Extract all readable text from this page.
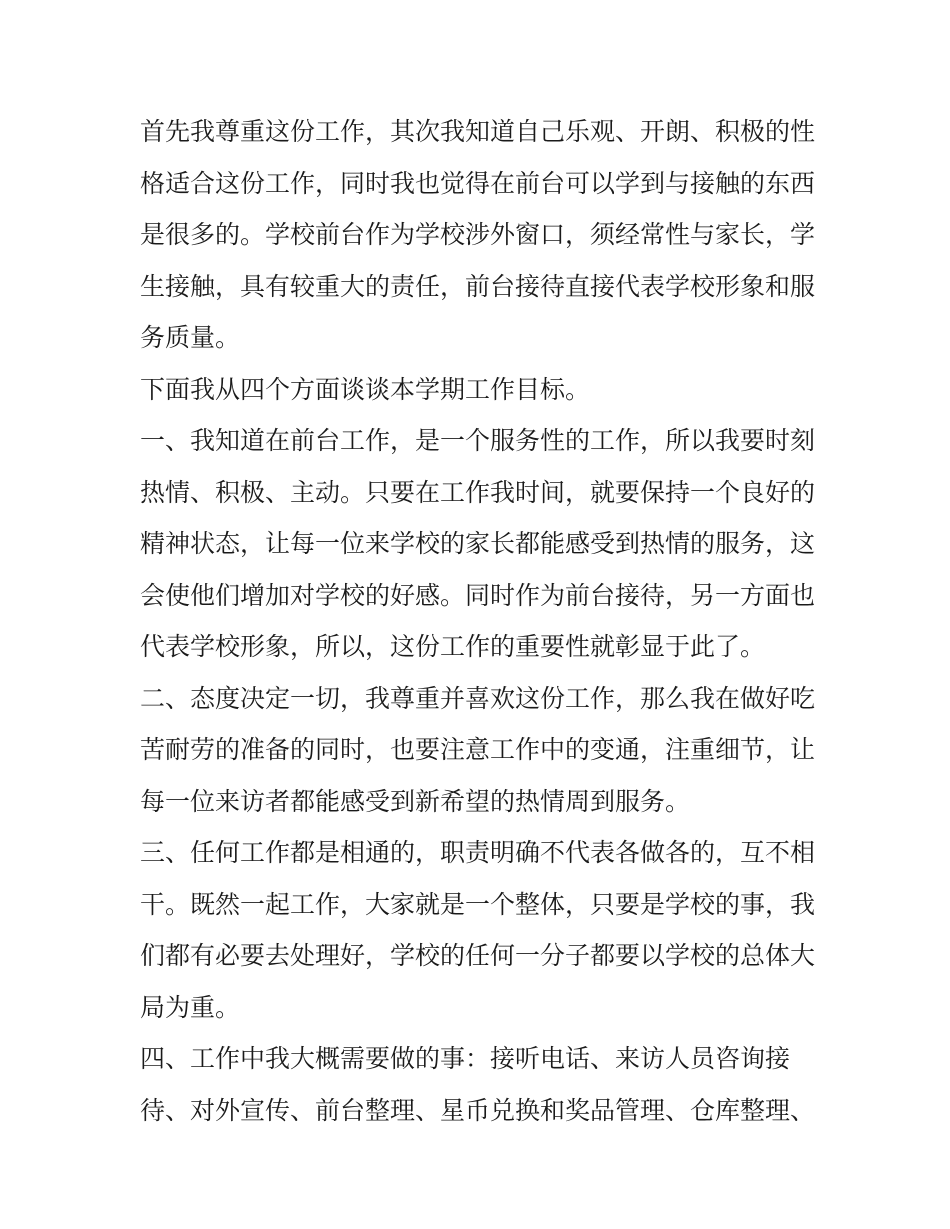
首先我尊重这份工作，其次我知道自己乐观、开朗、积极的性
格适合这份工作，同时我也觉得在前台可以学到与接触的东西
是很多的。学校前台作为学校涉外窗口，须经常性与家长，学
生接触，具有较重大的责任，前台接待直接代表学校形象和服
务质量。
下面我从四个方面谈谈本学期工作目标。
一、我知道在前台工作，是一个服务性的工作，所以我要时刻
热情、积极、主动。只要在工作我时间，就要保持一个良好的
精神状态，让每一位来学校的家长都能感受到热情的服务，这
会使他们增加对学校的好感。同时作为前台接待，另一方面也
代表学校形象，所以，这份工作的重要性就彰显于此了。
二、态度决定一切，我尊重并喜欢这份工作，那么我在做好吃
苦耐劳的准备的同时，也要注意工作中的变通，注重细节，让
每一位来访者都能感受到新希望的热情周到服务。
三、任何工作都是相通的，职责明确不代表各做各的，互不相
干。既然一起工作，大家就是一个整体，只要是学校的事，我
们都有必要去处理好，学校的任何一分子都要以学校的总体大
局为重。
四、工作中我大概需要做的事：接听电话、来访人员咨询接
待、对外宣传、前台整理、星币兑换和奖品管理、仓库整理、
